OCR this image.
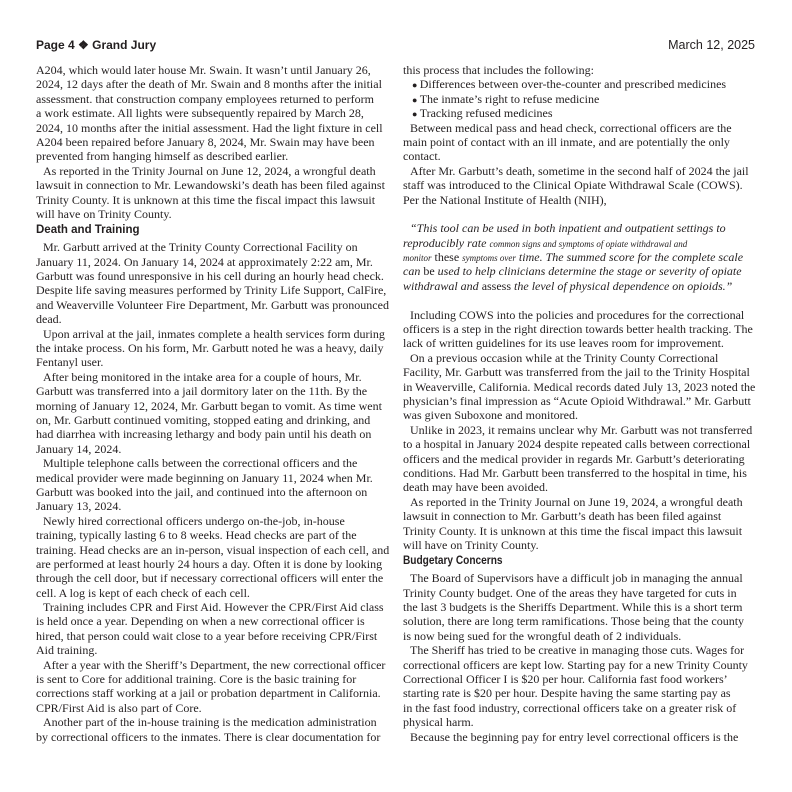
Page 4 ❖ Grand Jury	March 12, 2025
A204, which would later house Mr. Swain. It wasn’t until January 26,
2024, 12 days after the death of Mr. Swain and 8 months after the initial
assessment. that construction company employees returned to perform
a work estimate. All lights were subsequently repaired by March 28,
2024, 10 months after the initial assessment. Had the light fixture in cell
A204 been repaired before January 8, 2024, Mr. Swain may have been
prevented from hanging himself as described earlier.
As reported in the Trinity Journal on June 12, 2024, a wrongful death
lawsuit in connection to Mr. Lewandowski’s death has been filed against
Trinity County. It is unknown at this time the fiscal impact this lawsuit
will have on Trinity County.
Death and Training
Mr. Garbutt arrived at the Trinity County Correctional Facility on
January 11, 2024. On January 14, 2024 at approximately 2:22 am, Mr.
Garbutt was found unresponsive in his cell during an hourly head check.
Despite life saving measures performed by Trinity Life Support, CalFire,
and Weaverville Volunteer Fire Department, Mr. Garbutt was pronounced
dead.
Upon arrival at the jail, inmates complete a health services form during
the intake process. On his form, Mr. Garbutt noted he was a heavy, daily
Fentanyl user.
After being monitored in the intake area for a couple of hours, Mr.
Garbutt was transferred into a jail dormitory later on the 11th. By the
morning of January 12, 2024, Mr. Garbutt began to vomit. As time went
on, Mr. Garbutt continued vomiting, stopped eating and drinking, and
had diarrhea with increasing lethargy and body pain until his death on
January 14, 2024.
Multiple telephone calls between the correctional officers and the
medical provider were made beginning on January 11, 2024 when Mr.
Garbutt was booked into the jail, and continued into the afternoon on
January 13, 2024.
Newly hired correctional officers undergo on-the-job, in-house
training, typically lasting 6 to 8 weeks. Head checks are part of the
training. Head checks are an in-person, visual inspection of each cell, and
are performed at least hourly 24 hours a day. Often it is done by looking
through the cell door, but if necessary correctional officers will enter the
cell. A log is kept of each check of each cell.
Training includes CPR and First Aid. However the CPR/First Aid class
is held once a year. Depending on when a new correctional officer is
hired, that person could wait close to a year before receiving CPR/First
Aid training.
After a year with the Sheriff’s Department, the new correctional officer
is sent to Core for additional training. Core is the basic training for
corrections staff working at a jail or probation department in California.
CPR/First Aid is also part of Core.
Another part of the in-house training is the medication administration
by correctional officers to the inmates. There is clear documentation for
this process that includes the following:
● Differences between over-the-counter and prescribed medicines
● The inmate’s right to refuse medicine
● Tracking refused medicines
Between medical pass and head check, correctional officers are the
main point of contact with an ill inmate, and are potentially the only
contact.
After Mr. Garbutt’s death, sometime in the second half of 2024 the jail
staff was introduced to the Clinical Opiate Withdrawal Scale (COWS).
Per the National Institute of Health (NIH),
“This tool can be used in both inpatient and outpatient settings to
reproducibly rate common signs and symptoms of opiate withdrawal and
monitor these symptoms over time. The summed score for the complete scale
can be used to help clinicians determine the stage or severity of opiate
withdrawal and assess the level of physical dependence on opioids.”
Including COWS into the policies and procedures for the correctional
officers is a step in the right direction towards better health tracking. The
lack of written guidelines for its use leaves room for improvement.
On a previous occasion while at the Trinity County Correctional
Facility, Mr. Garbutt was transferred from the jail to the Trinity Hospital
in Weaverville, California. Medical records dated July 13, 2023 noted the
physician’s final impression as “Acute Opioid Withdrawal.” Mr. Garbutt
was given Suboxone and monitored.
Unlike in 2023, it remains unclear why Mr. Garbutt was not transferred
to a hospital in January 2024 despite repeated calls between correctional
officers and the medical provider in regards Mr. Garbutt’s deteriorating
conditions. Had Mr. Garbutt been transferred to the hospital in time, his
death may have been avoided.
As reported in the Trinity Journal on June 19, 2024, a wrongful death
lawsuit in connection to Mr. Garbutt’s death has been filed against
Trinity County. It is unknown at this time the fiscal impact this lawsuit
will have on Trinity County.
Budgetary Concerns
The Board of Supervisors have a difficult job in managing the annual
Trinity County budget. One of the areas they have targeted for cuts in
the last 3 budgets is the Sheriffs Department. While this is a short term
solution, there are long term ramifications. Those being that the county
is now being sued for the wrongful death of 2 individuals.
The Sheriff has tried to be creative in managing those cuts. Wages for
correctional officers are kept low. Starting pay for a new Trinity County
Correctional Officer I is $20 per hour. California fast food workers’
starting rate is $20 per hour. Despite having the same starting pay as
in the fast food industry, correctional officers take on a greater risk of
physical harm.
Because the beginning pay for entry level correctional officers is the
